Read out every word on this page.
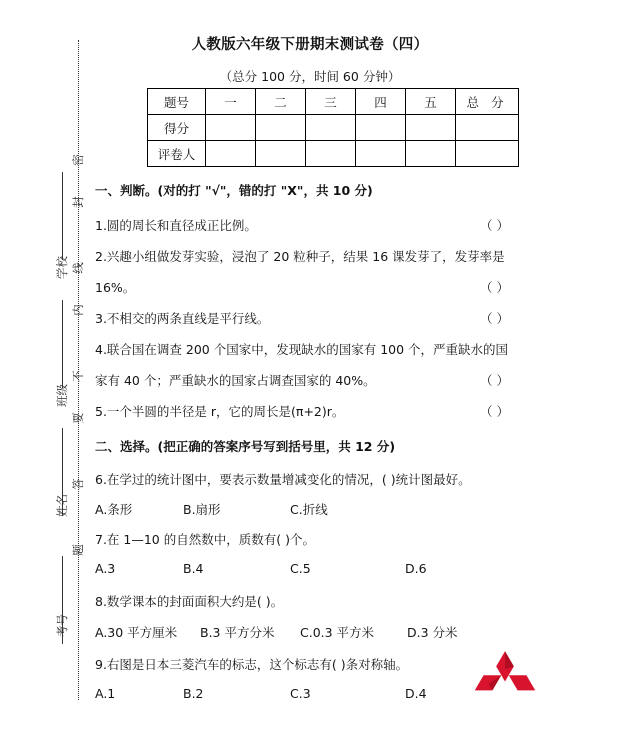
密
封
线
内
不
要
答
题
学校
班级
姓名
考号
人教版六年级下册期末测试卷（四）
（总分 100 分，时间 60 分钟）
题号	一	二	三	四	五	总 分
得分						
评卷人						
一、判断。(对的打 "√"，错的打 "X"，共 10 分)
1.圆的周长和直径成正比例。	（ ）
2.兴趣小组做发芽实验，浸泡了 20 粒种子，结果 16 课发芽了，发芽率是
16%。	（ ）
3.不相交的两条直线是平行线。	（ ）
4.联合国在调查 200 个国家中，发现缺水的国家有 100 个，严重缺水的国
家有 40 个；严重缺水的国家占调查国家的 40%。	（ ）
5.一个半圆的半径是 r，它的周长是(π+2)r。	（ ）
二、选择。(把正确的答案序号写到括号里，共 12 分)
6.在学过的统计图中，要表示数量增减变化的情况，( )统计图最好。
A.条形	B.扇形	C.折线
7.在 1—10 的自然数中，质数有( )个。
A.3	B.4	C.5	D.6
8.数学课本的封面面积大约是( )。
A.30 平方厘米 B.3 平方分米 C.0.3 平方米	D.3 分米
9.右图是日本三菱汽车的标志，这个标志有( )条对称轴。
A.1	B.2	C.3	D.4
